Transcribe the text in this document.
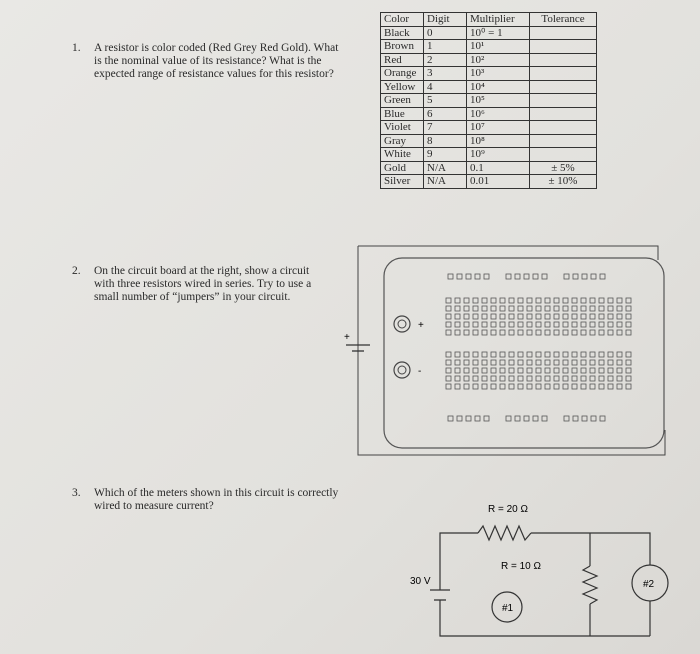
1. A resistor is color coded (Red Grey Red Gold). What
is the nominal value of its resistance? What is the
expected range of resistance values for this resistor?
2. On the circuit board at the right, show a circuit
with three resistors wired in series. Try to use a
small number of “jumpers” in your circuit.
3. Which of the meters shown in this circuit is correctly
wired to measure current?
Color	Digit	Multiplier	Tolerance
Black	0	10⁰ = 1	
Brown	1	10¹	
Red	2	10²	
Orange	3	10³	
Yellow	4	10⁴	
Green	5	10⁵	
Blue	6	10⁶	
Violet	7	10⁷	
Gray	8	10⁸	
White	9	10⁹	
Gold	N/A	0.1	± 5%
Silver	N/A	0.01	± 10%
+
+
-
R = 20 Ω
R = 10 Ω
30 V
#1
#2
